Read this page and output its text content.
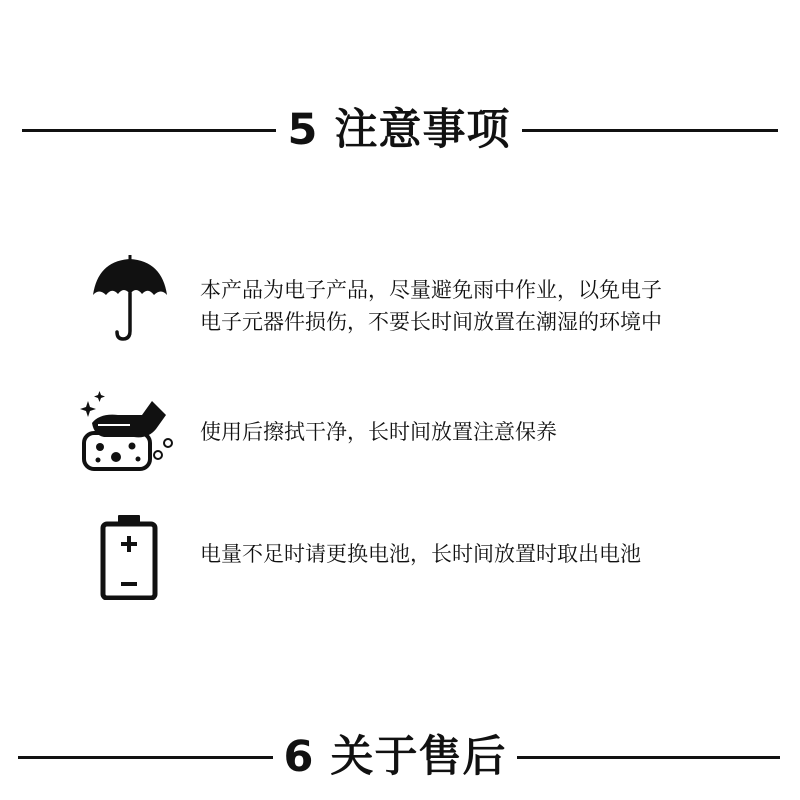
5 注意事项
本产品为电子产品，尽量避免雨中作业，以免电子
电子元器件损伤，不要长时间放置在潮湿的环境中
使用后擦拭干净，长时间放置注意保养
电量不足时请更换电池，长时间放置时取出电池
6 关于售后
